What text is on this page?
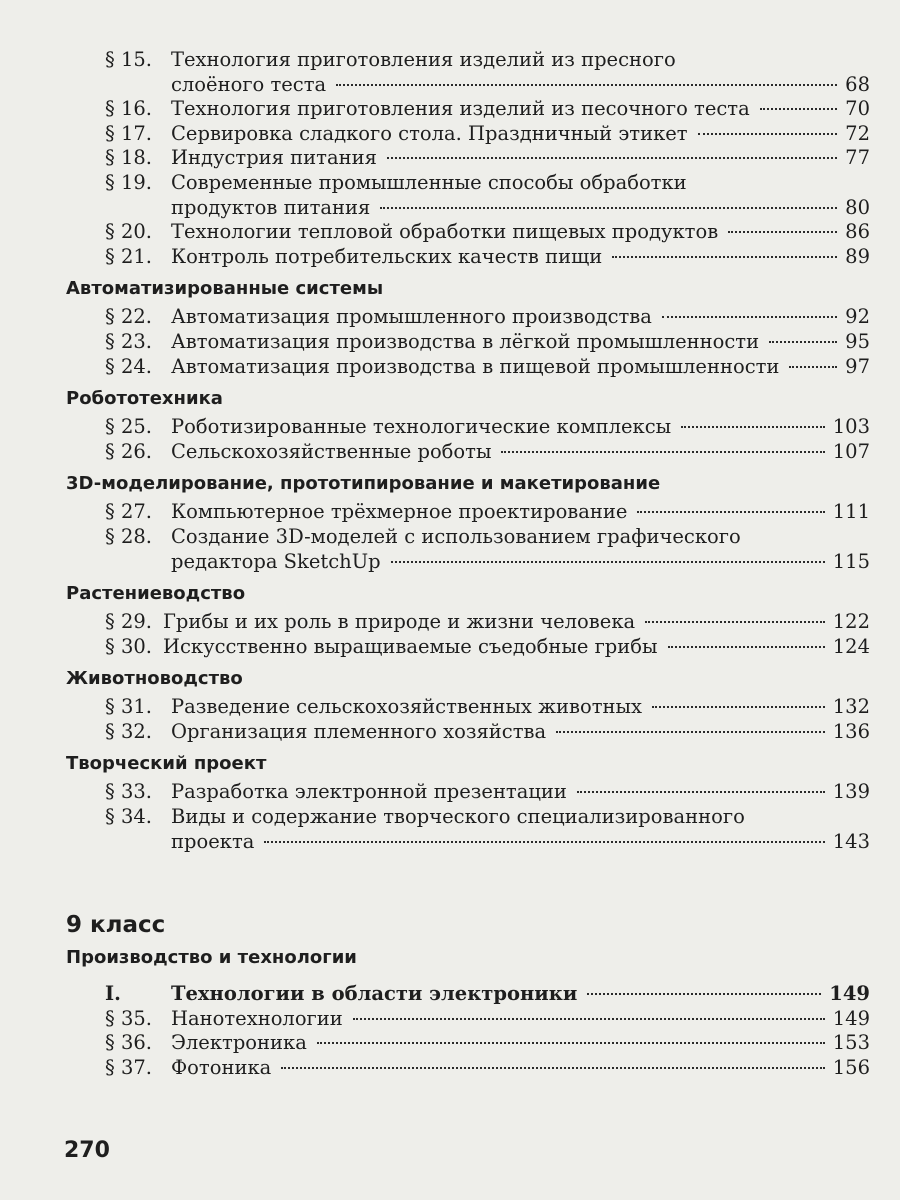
§ 15. Технология приготовления изделий из пресного
слоёного теста	68
§ 16. Технология приготовления изделий из песочного теста	70
§ 17. Сервировка сладкого стола. Праздничный этикет	72
§ 18. Индустрия питания	77
§ 19. Современные промышленные способы обработки
продуктов питания	80
§ 20. Технологии тепловой обработки пищевых продуктов	86
§ 21. Контроль потребительских качеств пищи	89
Автоматизированные системы
§ 22. Автоматизация промышленного производства	92
§ 23. Автоматизация производства в лёгкой промышленности	95
§ 24. Автоматизация производства в пищевой промышленности	97
Робототехника
§ 25. Роботизированные технологические комплексы	103
§ 26. Сельскохозяйственные роботы	107
3D-моделирование, прототипирование и макетирование
§ 27. Компьютерное трёхмерное проектирование	111
§ 28. Создание 3D-моделей с использованием графического
редактора SketchUp	115
Растениеводство
§ 29. Грибы и их роль в природе и жизни человека	122
§ 30. Искусственно выращиваемые съедобные грибы	124
Животноводство
§ 31. Разведение сельскохозяйственных животных	132
§ 32. Организация племенного хозяйства	136
Творческий проект
§ 33. Разработка электронной презентации	139
§ 34. Виды и содержание творческого специализированного
проекта	143
9 класс
Производство и технологии
I.	Технологии в области электроники	149
§ 35. Нанотехнологии	149
§ 36. Электроника	153
§ 37. Фотоника	156
270
